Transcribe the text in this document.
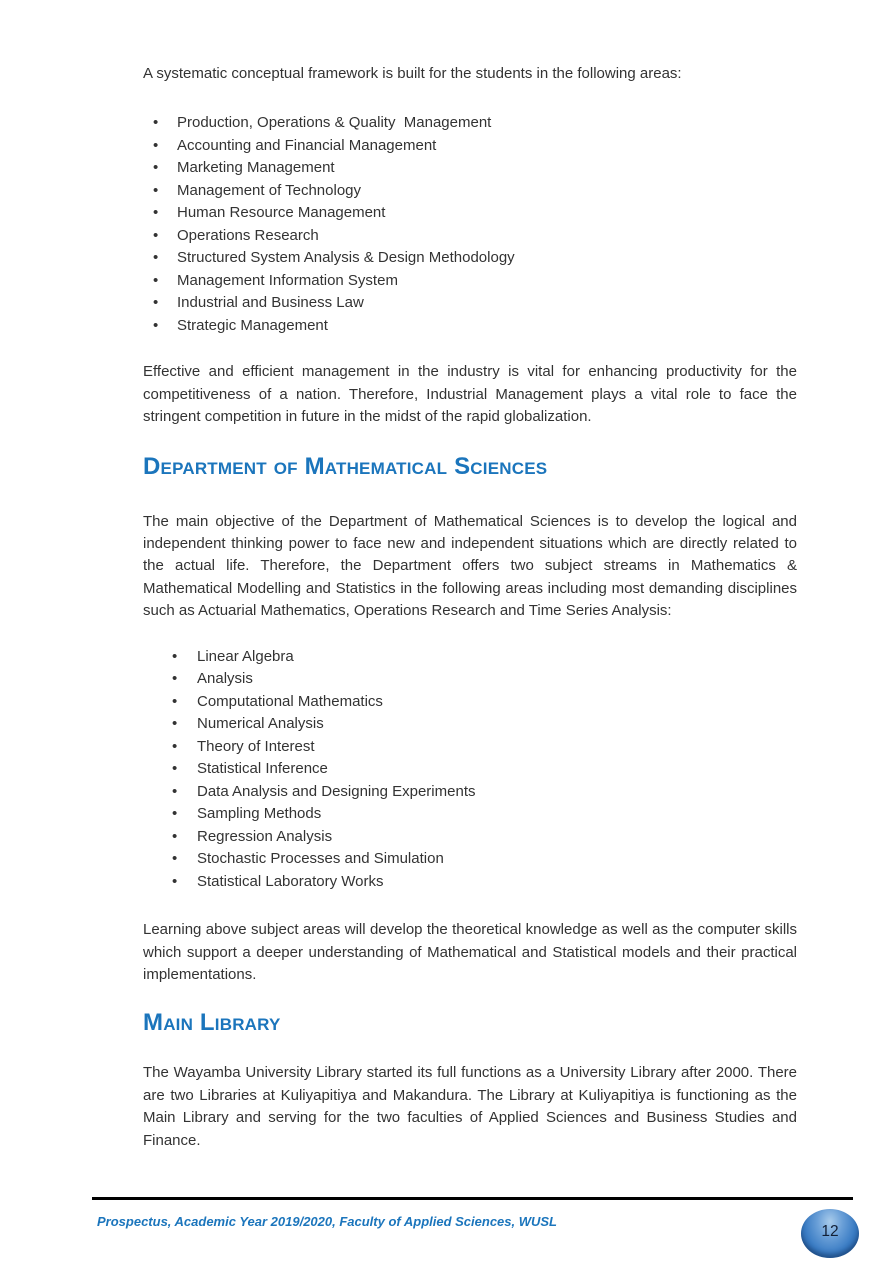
A systematic conceptual framework is built for the students in the following areas:

• Production, Operations & Quality  Management
• Accounting and Financial Management
• Marketing Management
• Management of Technology
• Human Resource Management
• Operations Research
• Structured System Analysis & Design Methodology
• Management Information System
• Industrial and Business Law
• Strategic Management

Effective and efficient management in the industry is vital for enhancing productivity for the competitiveness of a nation. Therefore, Industrial Management plays a vital role to face the stringent competition in future in the midst of the rapid globalization.

Department of Mathematical Sciences

The main objective of the Department of Mathematical Sciences is to develop the logical and independent thinking power to face new and independent situations which are directly related to the actual life. Therefore, the Department offers two subject streams in Mathematics & Mathematical Modelling and Statistics in the following areas including most demanding disciplines such as Actuarial Mathematics, Operations Research and Time Series Analysis:

• Linear Algebra
• Analysis
• Computational Mathematics
• Numerical Analysis
• Theory of Interest
• Statistical Inference
• Data Analysis and Designing Experiments
• Sampling Methods
• Regression Analysis
• Stochastic Processes and Simulation
• Statistical Laboratory Works

Learning above subject areas will develop the theoretical knowledge as well as the computer skills which support a deeper understanding of Mathematical and Statistical models and their practical implementations.

Main Library

The Wayamba University Library started its full functions as a University Library after 2000. There are two Libraries at Kuliyapitiya and Makandura. The Library at Kuliyapitiya is functioning as the Main Library and serving for the two faculties of Applied Sciences and Business Studies and Finance.

Prospectus, Academic Year 2019/2020, Faculty of Applied Sciences, WUSL
12
